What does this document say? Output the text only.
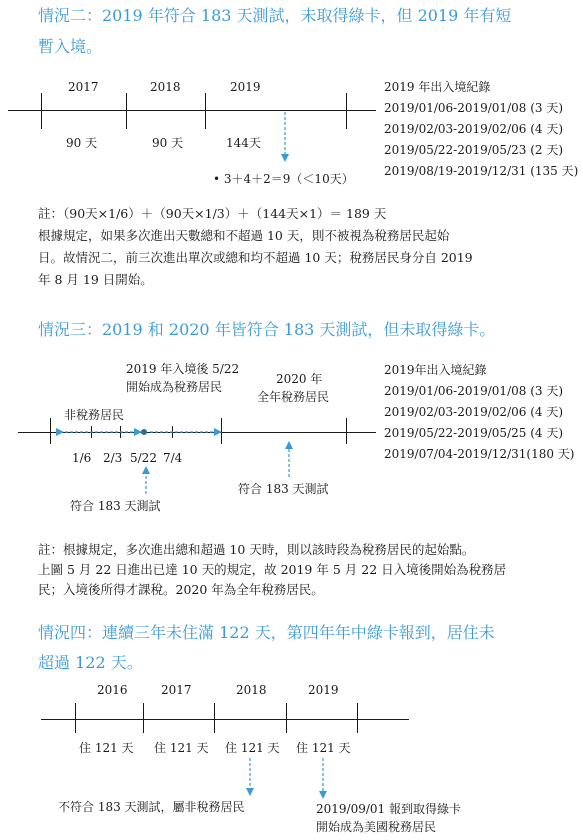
情況二：2019 年符合 183 天測試，未取得綠卡，但 2019 年有短
暫入境。
2017	2018	2019
90 天	90 天	144天
• 3＋4＋2＝9（＜10天）
2019 年出入境紀錄
2019/01/06-2019/01/08 (3 天)
2019/02/03-2019/02/06 (4 天)
2019/05/22-2019/05/23 (2 天)
2019/08/19-2019/12/31 (135 天)
註：（90天×1/6）＋（90天×1/3）＋（144天×1）＝ 189 天
根據規定，如果多次進出天數總和不超過 10 天，則不被視為稅務居民起始
日。故情況二，前三次進出單次或總和均不超過 10 天；稅務居民身分自 2019
年 8 月 19 日開始。
情況三：2019 和 2020 年皆符合 183 天測試，但未取得綠卡。
2019 年入境後 5/22
開始成為稅務居民
2020 年
全年稅務居民
非稅務居民
1/6 2/3 5/22 7/4
符合 183 天測試
符合 183 天測試
2019年出入境紀錄
2019/01/06-2019/01/08 (3 天)
2019/02/03-2019/02/06 (4 天)
2019/05/22-2019/05/25 (4 天)
2019/07/04-2019/12/31(180 天)
註：根據規定，多次進出總和超過 10 天時，則以該時段為稅務居民的起始點。
上圖 5 月 22 日進出已達 10 天的規定，故 2019 年 5 月 22 日入境後開始為稅務居
民；入境後所得才課稅。2020 年為全年稅務居民。
情況四：連續三年未住滿 122 天，第四年年中綠卡報到，居住未
超過 122 天。
2016	2017	2018	2019
住 121 天 住 121 天 住 121 天 住 121 天
不符合 183 天測試，屬非稅務居民	2019/09/01 報到取得綠卡
開始成為美國稅務居民
